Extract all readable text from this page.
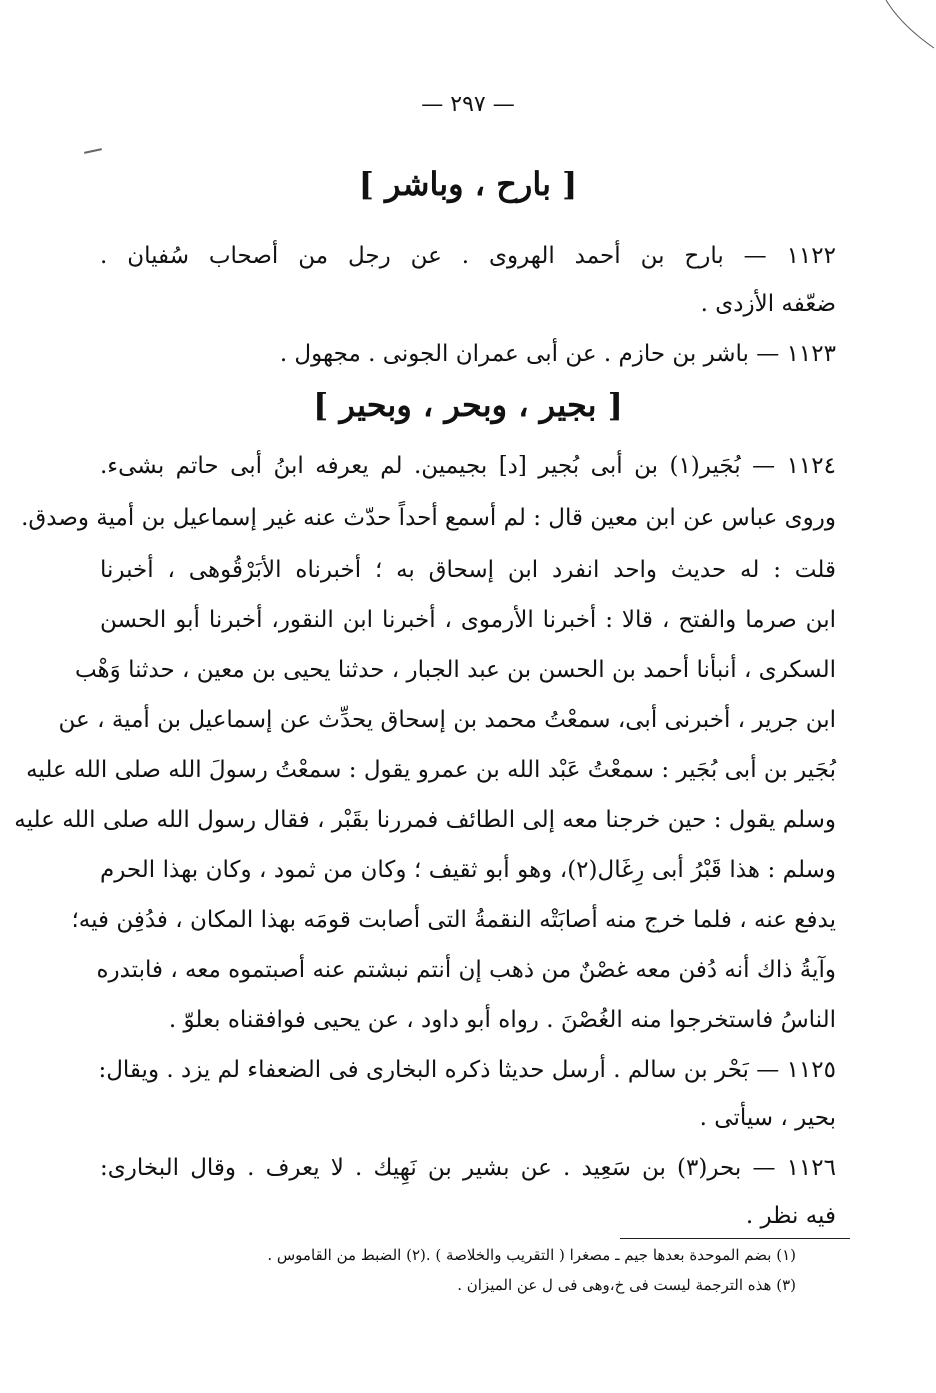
— ٢٩٧ —
[ بارح ، وباشر ]
١١٢٢ — بارح بن أحمد الهروى . عن رجل من أصحاب سُفيان .
ضعّفه الأزدى .
١١٢٣ — باشر بن حازم . عن أبى عمران الجونى . مجهول .
[ بجير ، وبحر ، وبحير ]
١١٢٤ — بُجَير(١) بن أبى بُجير [د] بجيمين. لم يعرفه ابنُ أبى حاتم بشىء.
وروى عباس عن ابن معين قال : لم أسمع أحداً حدّث عنه غير إسماعيل بن أمية وصدق.
قلت : له حديث واحد انفرد ابن إسحاق به ؛ أخبرناه الأبَرْقُوهى ، أخبرنا
ابن صرما والفتح ، قالا : أخبرنا الأرموى ، أخبرنا ابن النقور، أخبرنا أبو الحسن
السكرى ، أنبأنا أحمد بن الحسن بن عبد الجبار ، حدثنا يحيى بن معين ، حدثنا وَهْب
ابن جرير ، أخبرنى أبى، سمعْتُ محمد بن إسحاق يحدِّث عن إسماعيل بن أمية ، عن
بُجَير بن أبى بُجَير : سمعْتُ عَبْد الله بن عمرو يقول : سمعْتُ رسولَ الله صلى الله عليه
وسلم يقول : حين خرجنا معه إلى الطائف فمررنا بقَبْر ، فقال رسول الله صلى الله عليه
وسلم : هذا قَبْرُ أبى رِغَال(٢)، وهو أبو ثقيف ؛ وكان من ثمود ، وكان بهذا الحرم
يدفع عنه ، فلما خرج منه أصابَتْه النقمةُ التى أصابت قومَه بهذا المكان ، فدُفِن فيه؛
وآيةُ ذاك أنه دُفن معه غصْنٌ من ذهب إن أنتم نبشتم عنه أصبتموه معه ، فابتدره
الناسُ فاستخرجوا منه الغُصْنَ . رواه أبو داود ، عن يحيى فوافقناه بعلوّ .
١١٢٥ — بَحْر بن سالم . أرسل حديثا ذكره البخارى فى الضعفاء لم يزد . ويقال:
بحير ، سيأتى .
١١٢٦ — بحر(٣) بن سَعِيد . عن بشير بن نَهِيك . لا يعرف . وقال البخارى:
فيه نظر .
(١) بضم الموحدة بعدها جيم ـ مصغرا ( التقريب والخلاصة ) .(٢) الضبط من القاموس .
(٣) هذه الترجمة ليست فى خ،وهى فى ل عن الميزان .
